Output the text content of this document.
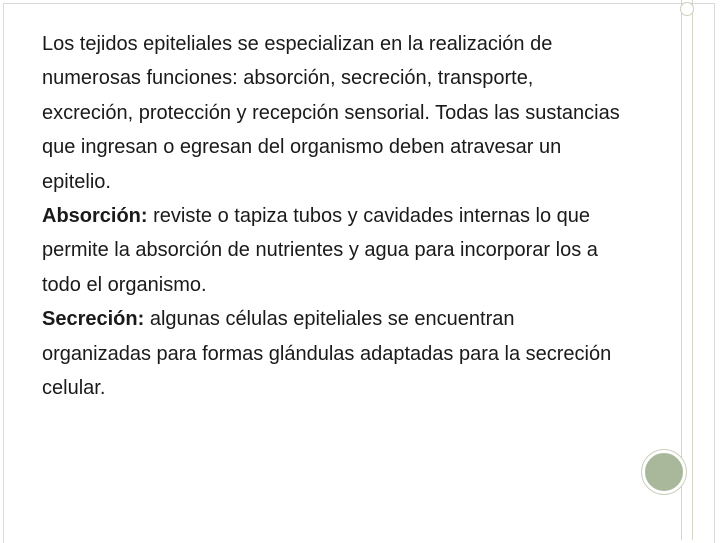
Los tejidos epiteliales se especializan en la realización de numerosas funciones: absorción, secreción, transporte, excreción, protección y recepción sensorial. Todas las sustancias que ingresan o egresan del organismo deben atravesar un epitelio.

Absorción: reviste o tapiza tubos y cavidades internas lo que permite la absorción de nutrientes y agua para incorporar los a todo el organismo.

Secreción: algunas células epiteliales se encuentran organizadas para formas glándulas adaptadas para la secreción celular.
